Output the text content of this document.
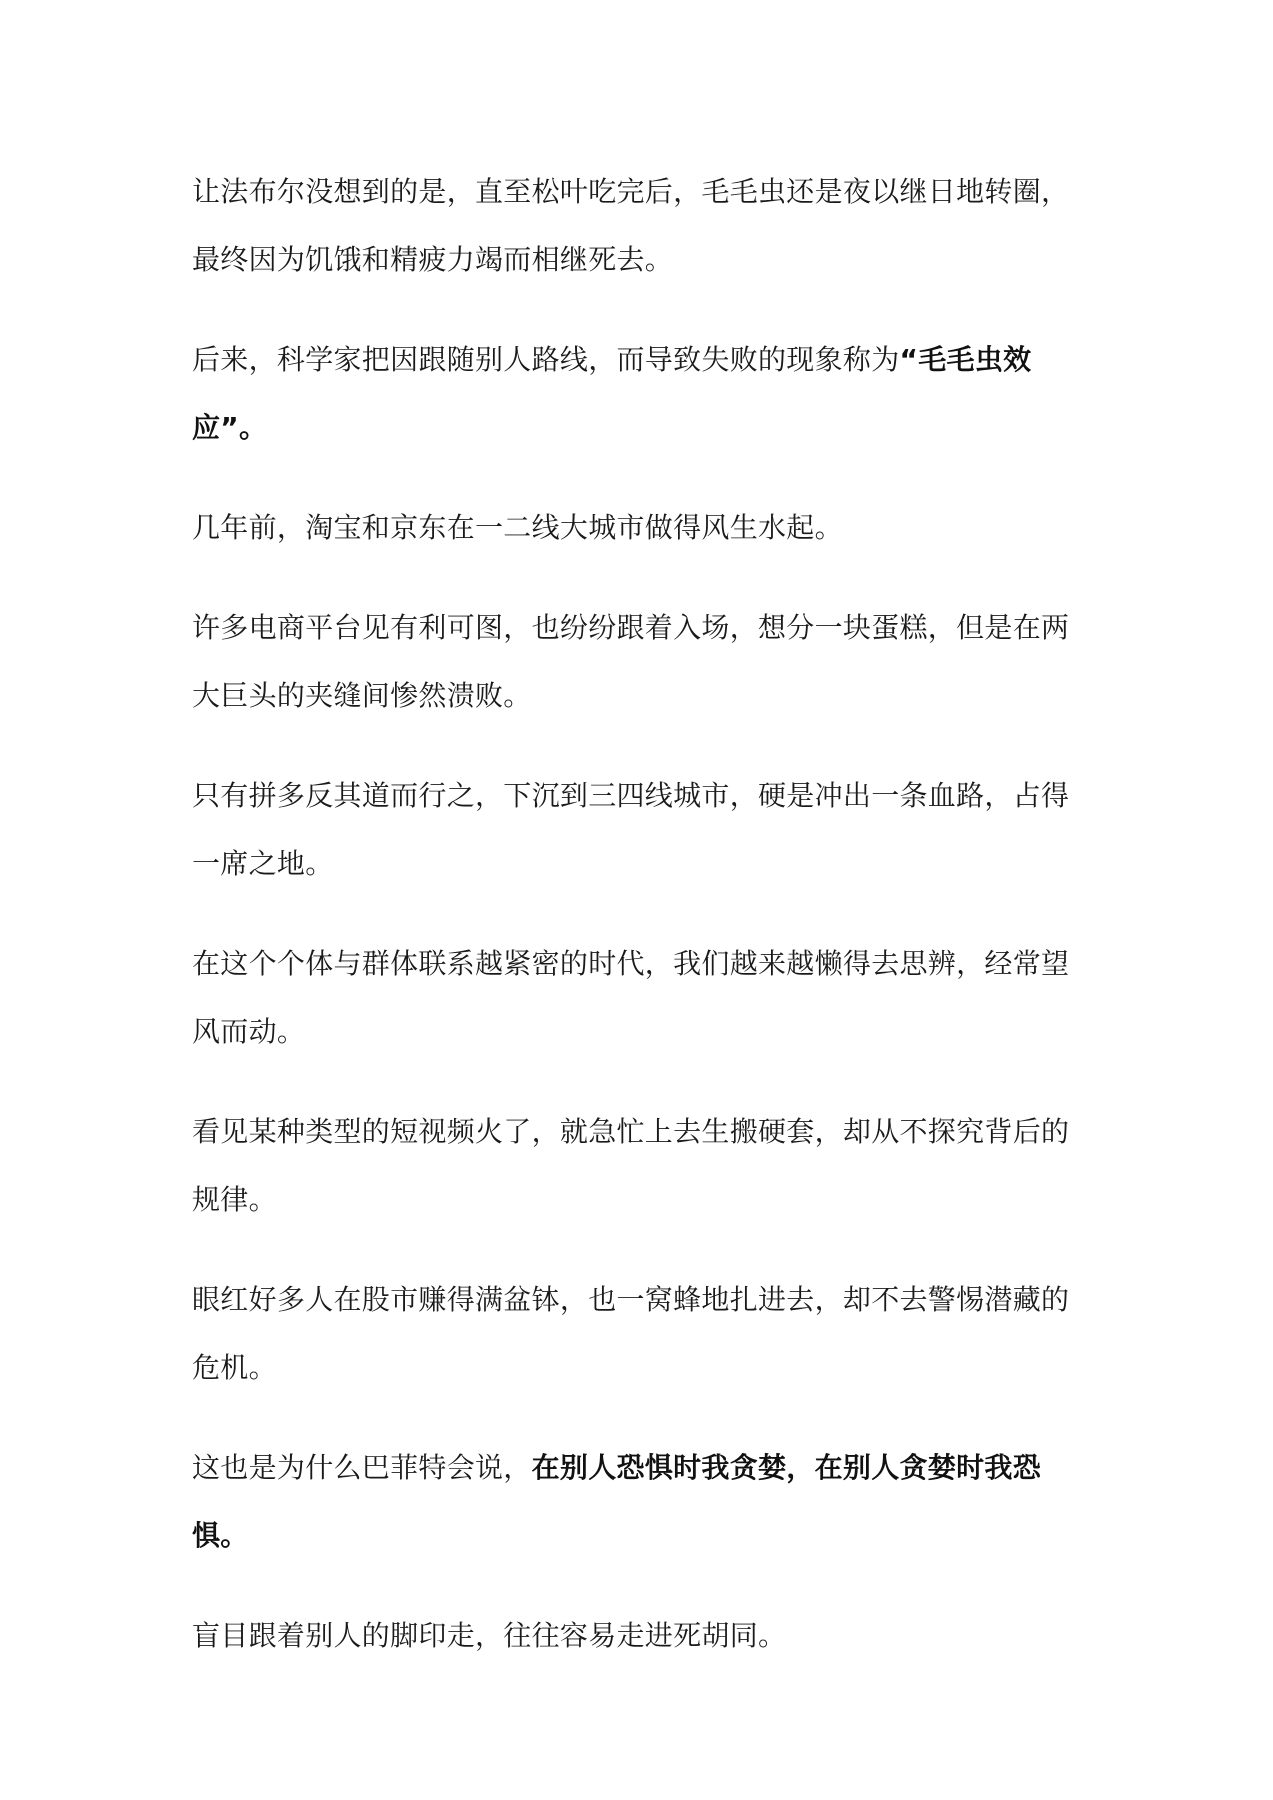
让法布尔没想到的是，直至松叶吃完后，毛毛虫还是夜以继日地转圈，最终因为饥饿和精疲力竭而相继死去。

后来，科学家把因跟随别人路线，而导致失败的现象称为“毛毛虫效应”。

几年前，淘宝和京东在一二线大城市做得风生水起。

许多电商平台见有利可图，也纷纷跟着入场，想分一块蛋糕，但是在两大巨头的夹缝间惨然溃败。

只有拼多反其道而行之，下沉到三四线城市，硬是冲出一条血路，占得一席之地。

在这个个体与群体联系越紧密的时代，我们越来越懒得去思辨，经常望风而动。

看见某种类型的短视频火了，就急忙上去生搬硬套，却从不探究背后的规律。

眼红好多人在股市赚得满盆钵，也一窝蜂地扎进去，却不去警惕潜藏的危机。

这也是为什么巴菲特会说，在别人恐惧时我贪婪，在别人贪婪时我恐惧。

盲目跟着别人的脚印走，往往容易走进死胡同。
